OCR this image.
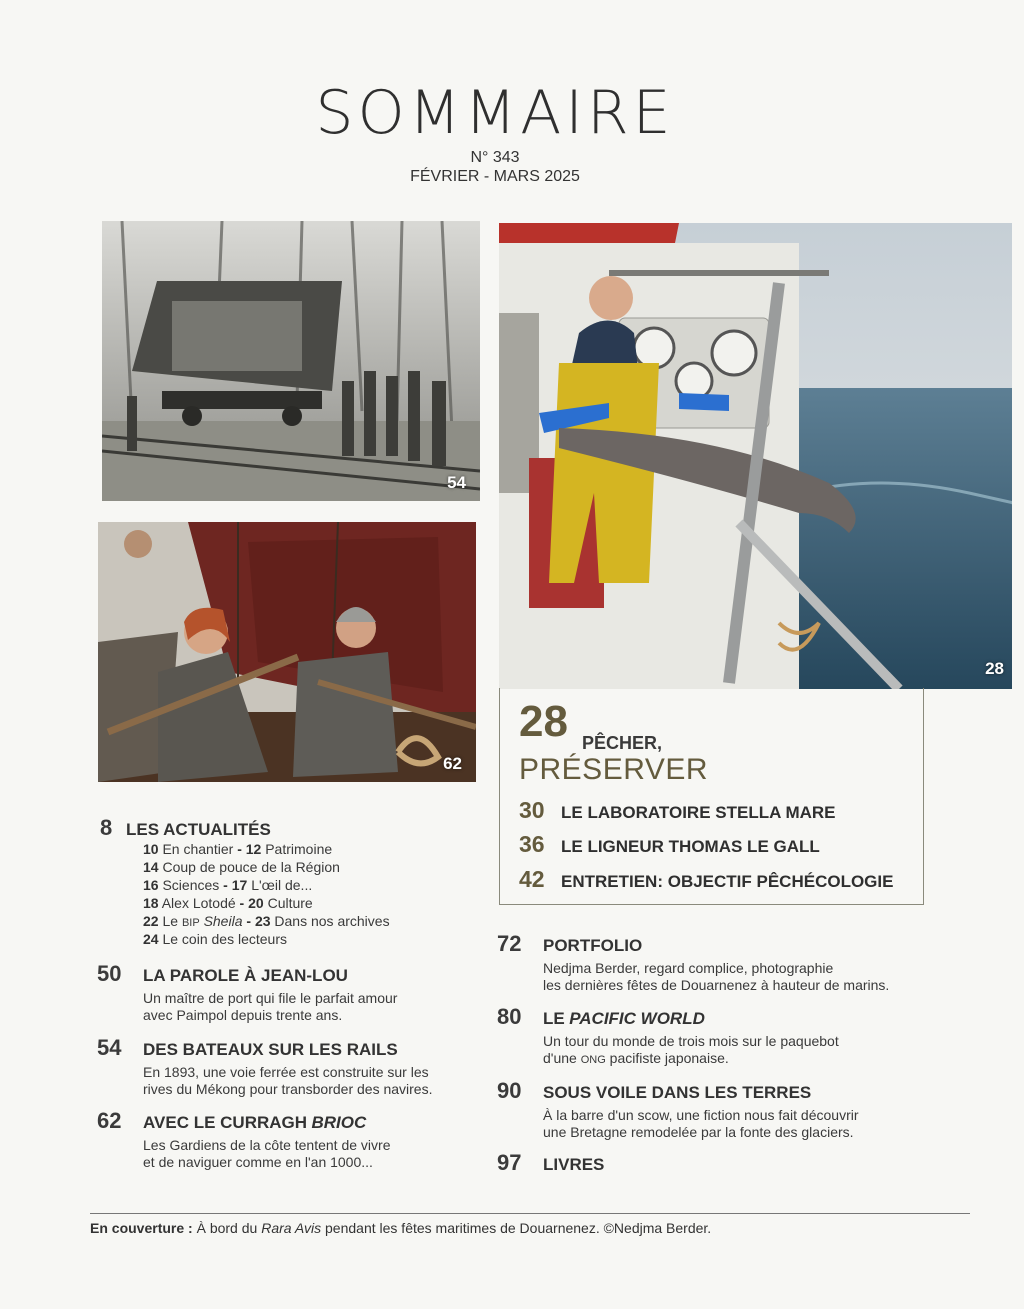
SOMMAIRE
N° 343
FÉVRIER - MARS 2025
54
62
28
28 PÊCHER,
PRÉSERVER
30 LE LABORATOIRE STELLA MARE
36 LE LIGNEUR THOMAS LE GALL
42 ENTRETIEN: OBJECTIF PÊCHÉCOLOGIE
8 LES ACTUALITÉS
10 En chantier - 12 Patrimoine
14 Coup de pouce de la Région
16 Sciences - 17 L'œil de...
18 Alex Lotodé - 20 Culture
22 Le BIP Sheila - 23 Dans nos archives
24 Le coin des lecteurs
50 LA PAROLE À JEAN-LOU
Un maître de port qui file le parfait amour
avec Paimpol depuis trente ans.
54 DES BATEAUX SUR LES RAILS
En 1893, une voie ferrée est construite sur les
rives du Mékong pour transborder des navires.
62 AVEC LE CURRAGH BRIOC
Les Gardiens de la côte tentent de vivre
et de naviguer comme en l'an 1000...
72 PORTFOLIO
Nedjma Berder, regard complice, photographie
les dernières fêtes de Douarnenez à hauteur de marins.
80 LE PACIFIC WORLD
Un tour du monde de trois mois sur le paquebot
d'une ONG pacifiste japonaise.
90 SOUS VOILE DANS LES TERRES
À la barre d'un scow, une fiction nous fait découvrir
une Bretagne remodelée par la fonte des glaciers.
97 LIVRES
En couverture : À bord du Rara Avis pendant les fêtes maritimes de Douarnenez. ©Nedjma Berder.
